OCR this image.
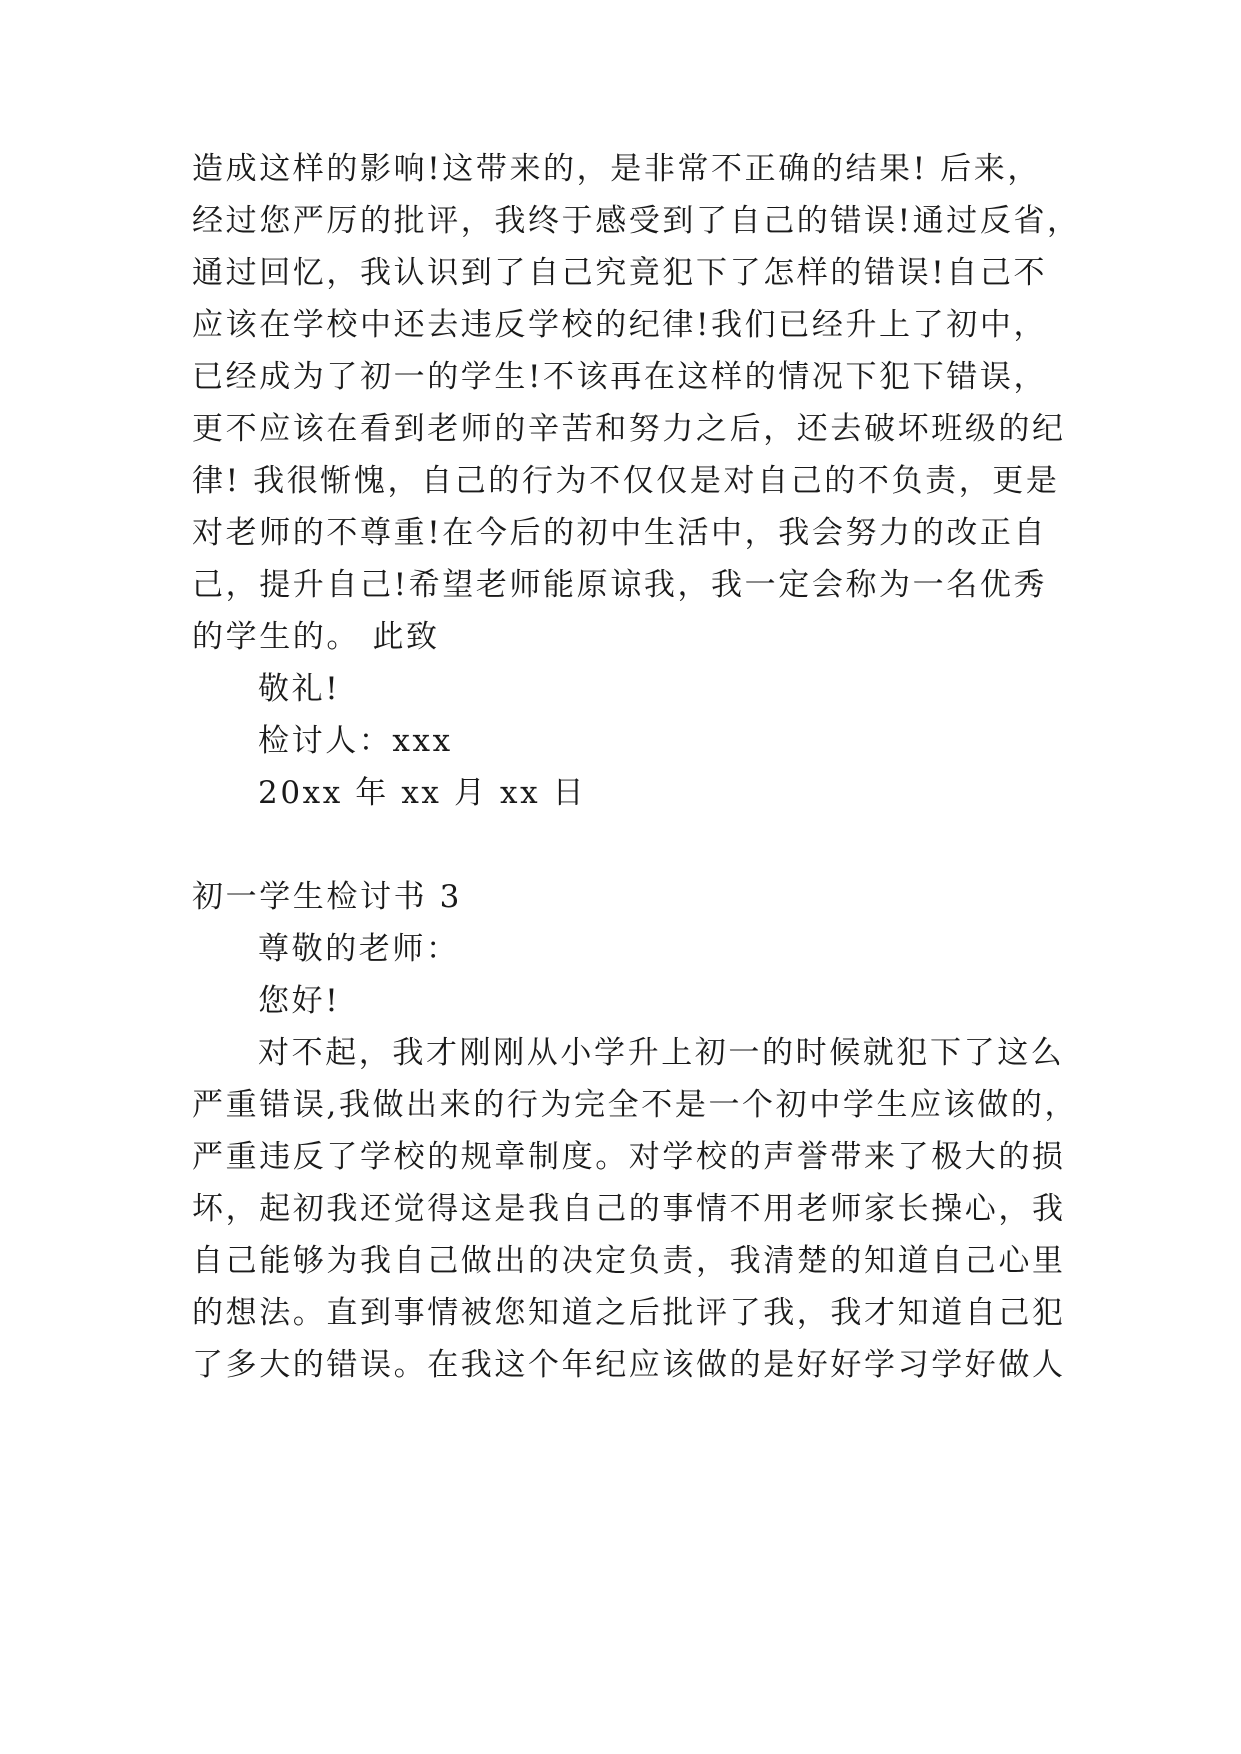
造成这样的影响!这带来的，是非常不正确的结果! 后来，
经过您严厉的批评，我终于感受到了自己的错误!通过反省，
通过回忆，我认识到了自己究竟犯下了怎样的错误!自己不
应该在学校中还去违反学校的纪律!我们已经升上了初中，
已经成为了初一的学生!不该再在这样的情况下犯下错误，
更不应该在看到老师的辛苦和努力之后，还去破坏班级的纪
律! 我很惭愧，自己的行为不仅仅是对自己的不负责，更是
对老师的不尊重!在今后的初中生活中，我会努力的改正自
己，提升自己!希望老师能原谅我，我一定会称为一名优秀
的学生的。 此致
敬礼!
检讨人：xxx
20xx 年 xx 月 xx 日
初一学生检讨书 3
尊敬的老师：
您好!
对不起，我才刚刚从小学升上初一的时候就犯下了这么
严重错误,我做出来的行为完全不是一个初中学生应该做的，
严重违反了学校的规章制度。对学校的声誉带来了极大的损
坏，起初我还觉得这是我自己的事情不用老师家长操心，我
自己能够为我自己做出的决定负责，我清楚的知道自己心里
的想法。直到事情被您知道之后批评了我，我才知道自己犯
了多大的错误。在我这个年纪应该做的是好好学习学好做人
